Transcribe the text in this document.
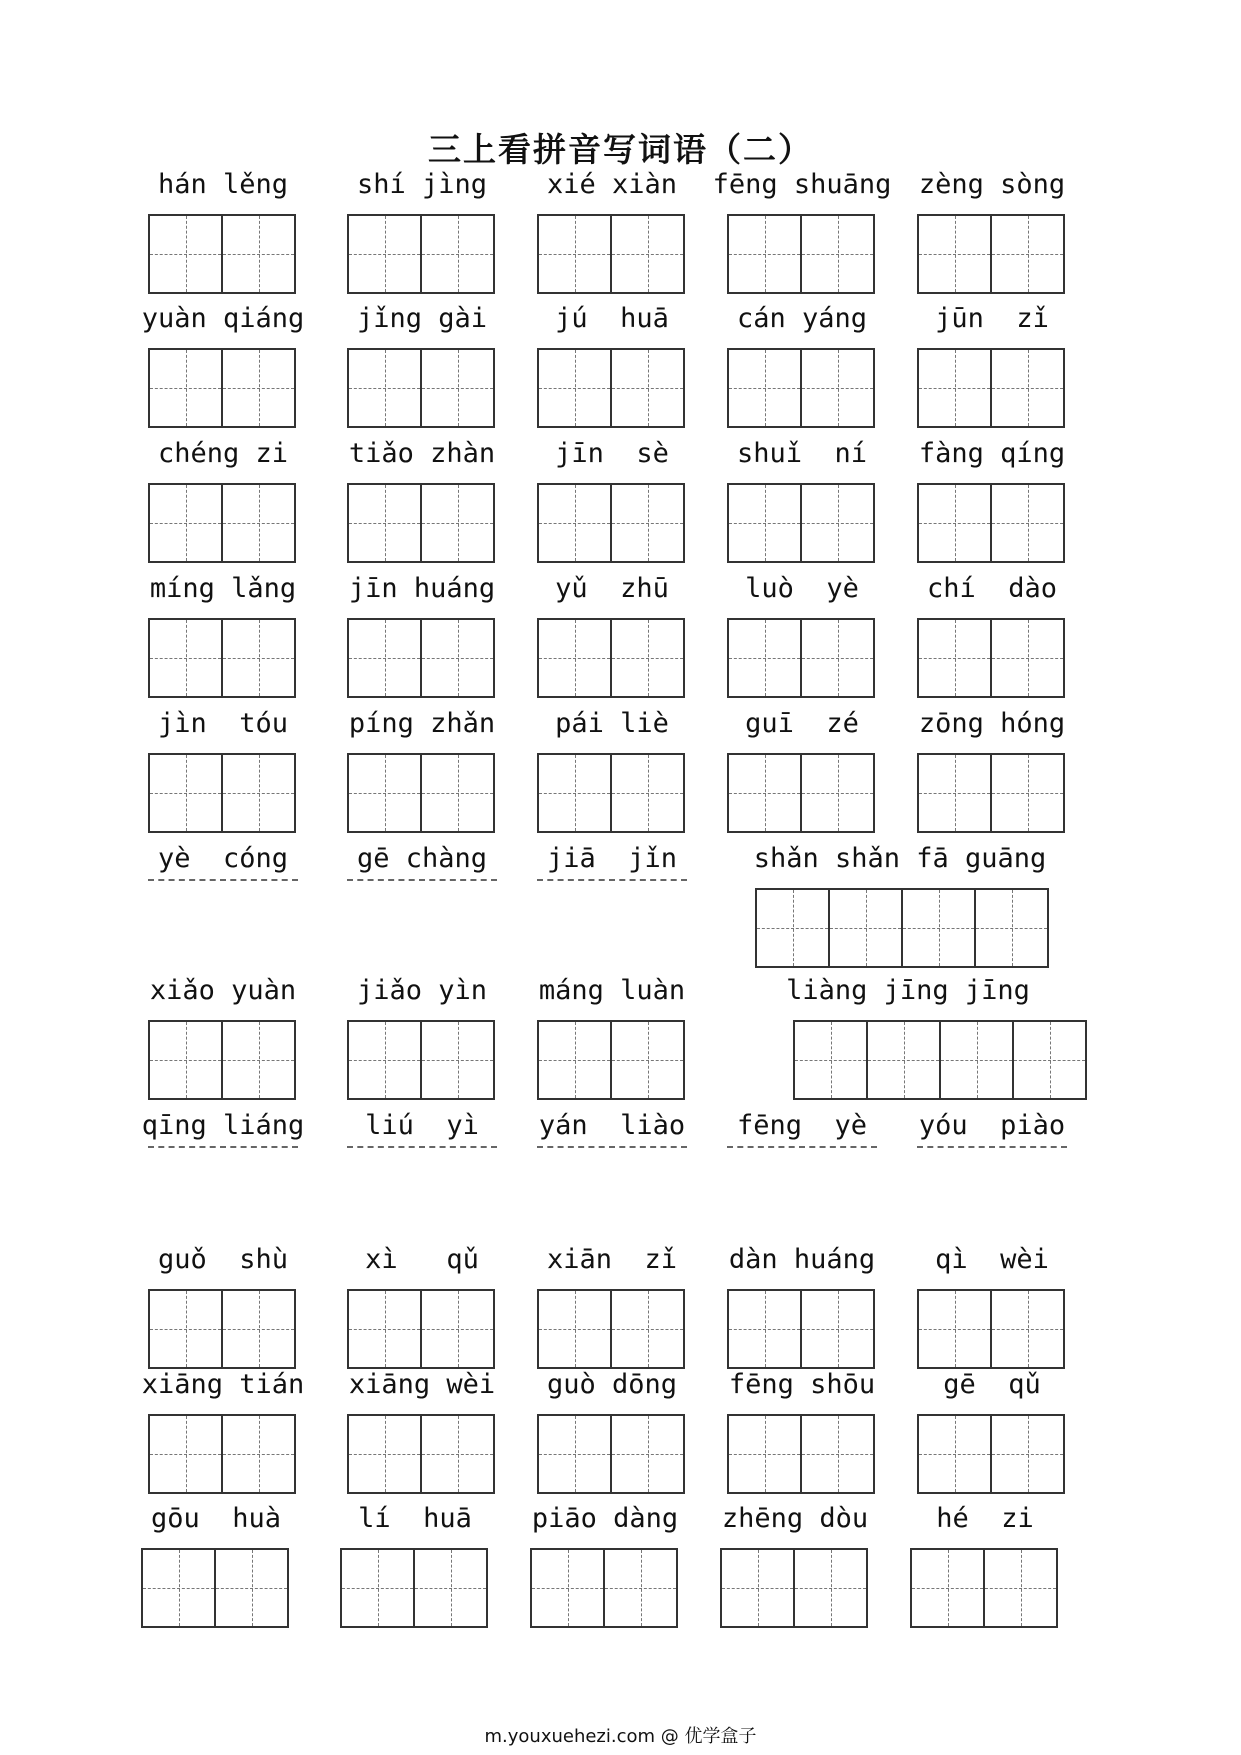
三上看拼音写词语（二）
hán lěng	shí jìng	xié xiàn	fēng shuāng	zèng sòng
yuàn qiáng	jǐng gài	jú  huā	cán yáng	jūn  zǐ
chéng zi	tiǎo zhàn	jīn  sè	shuǐ  ní	fàng qíng
míng lǎng	jīn huáng	yǔ  zhū	luò  yè	chí  dào
jìn  tóu	píng zhǎn	pái liè	guī  zé	zōng hóng
yè  cóng	gē chàng	jiā  jǐn	shǎn shǎn fā guāng
xiǎo yuàn	jiǎo yìn	máng luàn	liàng jīng jīng
qīng liáng	liú  yì	yán  liào	fēng  yè	yóu  piào
guǒ  shù	xì   qǔ	xiān  zǐ	dàn huáng	qì  wèi
xiāng tián	xiāng wèi	guò dōng	fēng shōu	gē  qǔ
gōu  huà	lí  huā	piāo dàng	zhēng dòu	hé  zi
m.youxuehezi.com @ 优学盒子
